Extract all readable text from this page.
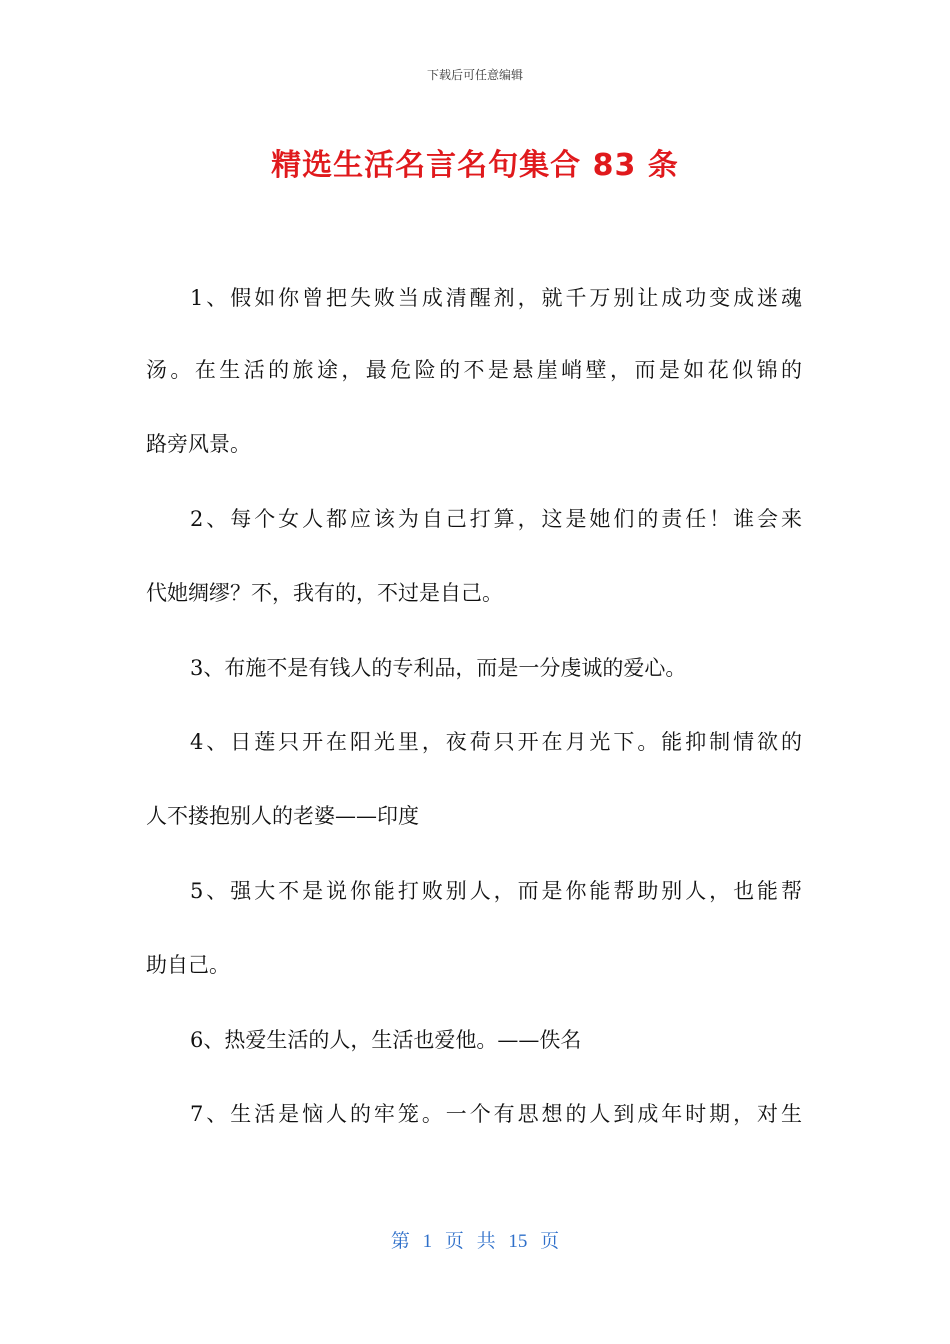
下载后可任意编辑
精选生活名言名句集合 83 条
1、假如你曾把失败当成清醒剂，就千万别让成功变成迷魂
汤。在生活的旅途，最危险的不是悬崖峭壁，而是如花似锦的
路旁风景。
2、每个女人都应该为自己打算，这是她们的责任！谁会来
代她绸缪？不，我有的，不过是自己。
3、布施不是有钱人的专利品，而是一分虔诚的爱心。
4、日莲只开在阳光里，夜荷只开在月光下。能抑制情欲的
人不搂抱别人的老婆——印度
5、强大不是说你能打败别人，而是你能帮助别人，也能帮
助自己。
6、热爱生活的人，生活也爱他。——佚名
7、生活是恼人的牢笼。一个有思想的人到成年时期，对生
第 1 页 共 15 页
